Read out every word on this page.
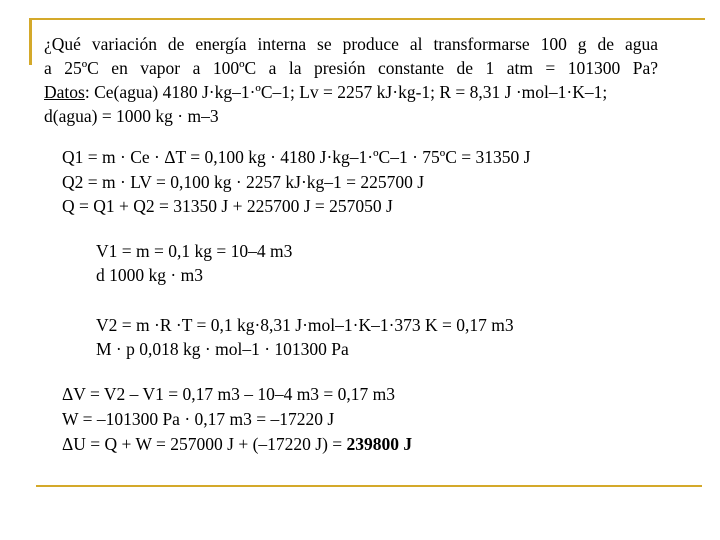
¿Qué variación de energía interna se produce al transformarse 100 g de agua
a 25ºC en vapor a 100ºC a la presión constante de 1 atm = 101300 Pa?
Datos: Ce(agua) 4180 J·kg–1·ºC–1; Lv = 2257 kJ·kg-1; R = 8,31 J ·mol–1·K–1;
d(agua) = 1000 kg · m–3
Q1 = m · Ce · ΔT = 0,100 kg · 4180 J·kg–1·ºC–1 · 75ºC = 31350 J
Q2 = m · LV = 0,100 kg · 2257 kJ·kg–1 = 225700 J
Q = Q1 + Q2 = 31350 J + 225700 J = 257050 J
V1 = m = 0,1 kg = 10–4 m3
d 1000 kg · m3
V2 = m ·R ·T = 0,1 kg·8,31 J·mol–1·K–1·373 K = 0,17 m3
M · p 0,018 kg · mol–1 · 101300 Pa
ΔV = V2 – V1 = 0,17 m3 – 10–4 m3 = 0,17 m3
W = –101300 Pa · 0,17 m3 = –17220 J
ΔU = Q + W = 257000 J + (–17220 J) = 239800 J
